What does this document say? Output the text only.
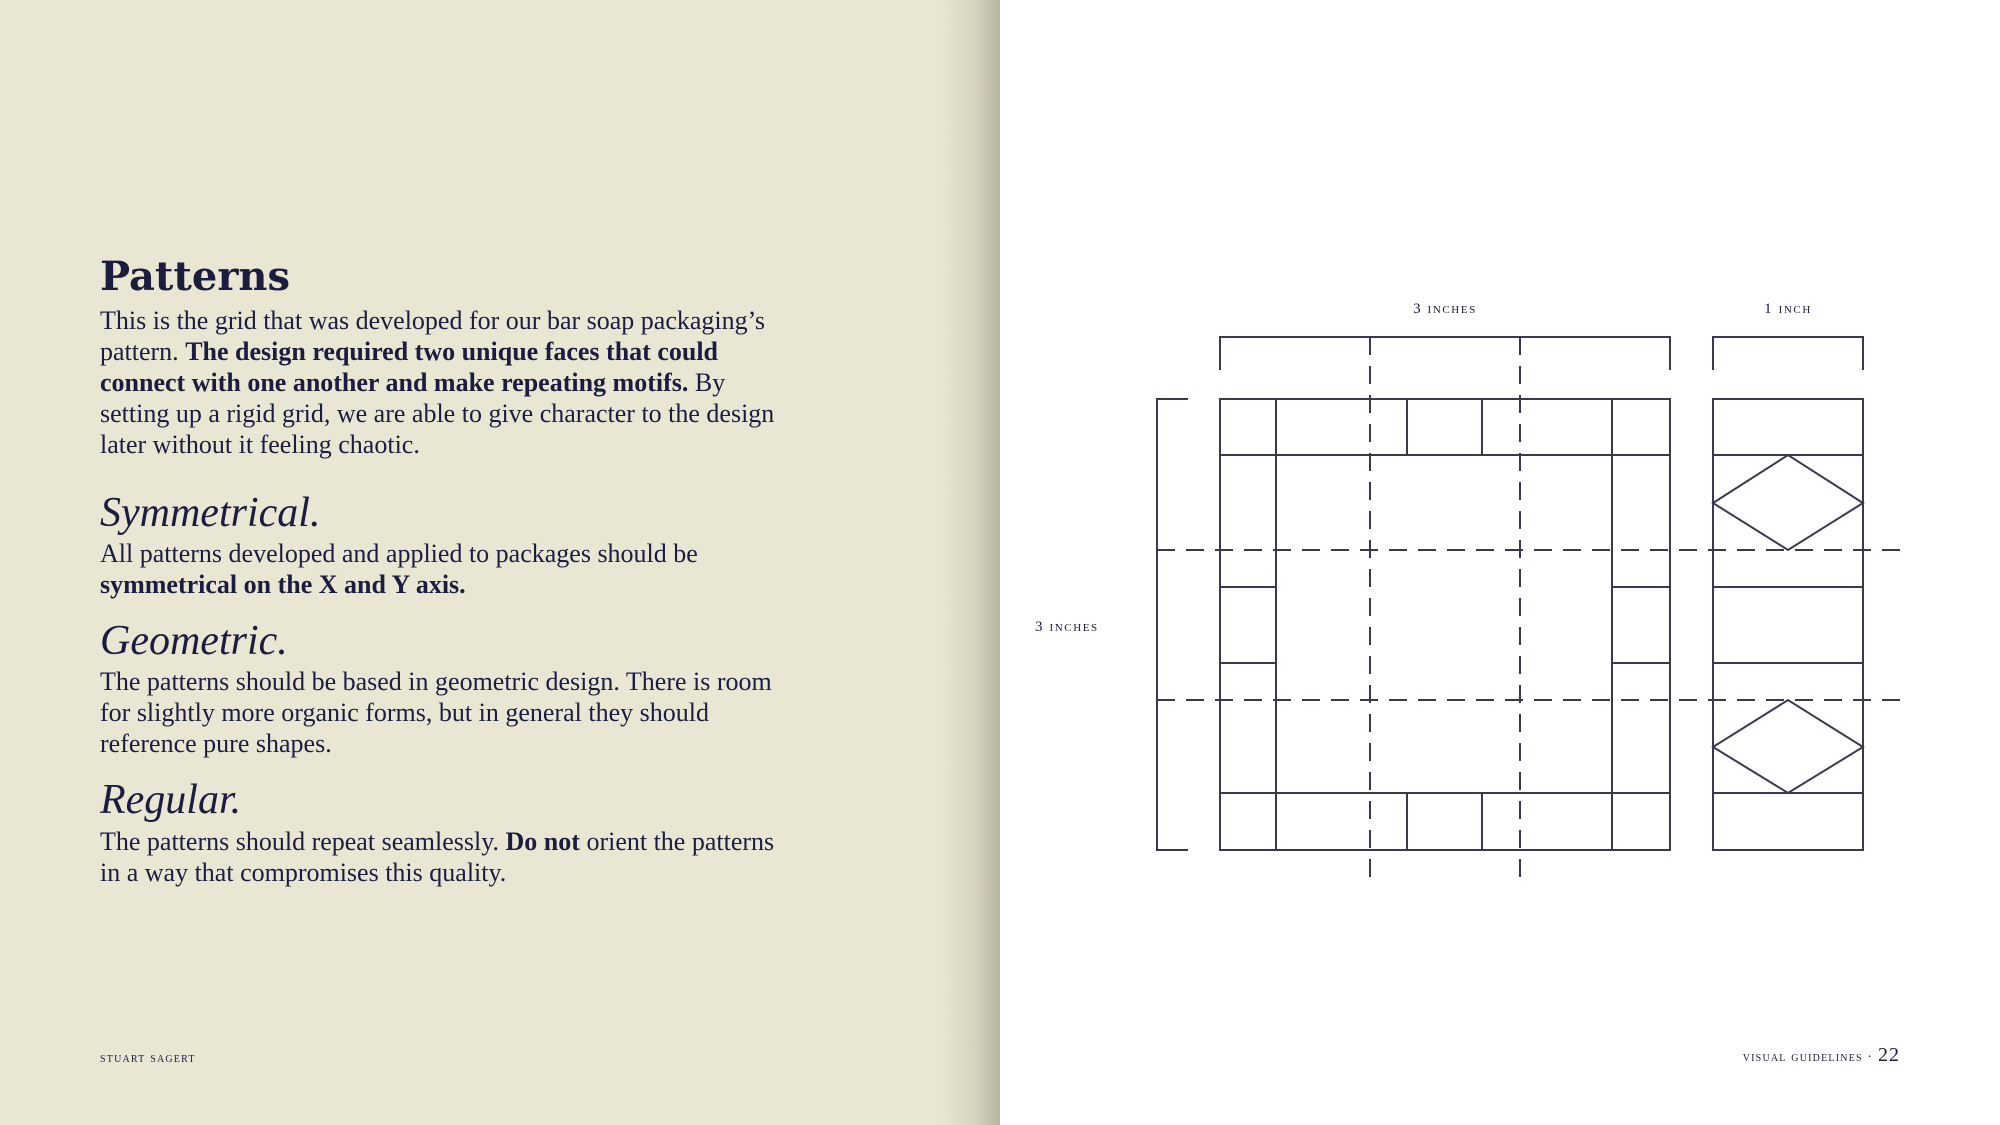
Patterns

This is the grid that was developed for our bar soap packaging’s pattern. The design required two unique faces that could connect with one another and make repeating motifs. By setting up a rigid grid, we are able to give character to the design later without it feeling chaotic.

Symmetrical.

All patterns developed and applied to packages should be symmetrical on the X and Y axis.

Geometric.

The patterns should be based in geometric design. There is room for slightly more organic forms, but in general they should reference pure shapes.

Regular.

The patterns should repeat seamlessly. Do not orient the patterns in a way that compromises this quality.

stuart sagert
3 inches	1 inch
3 inches
visual guidelines · 22
